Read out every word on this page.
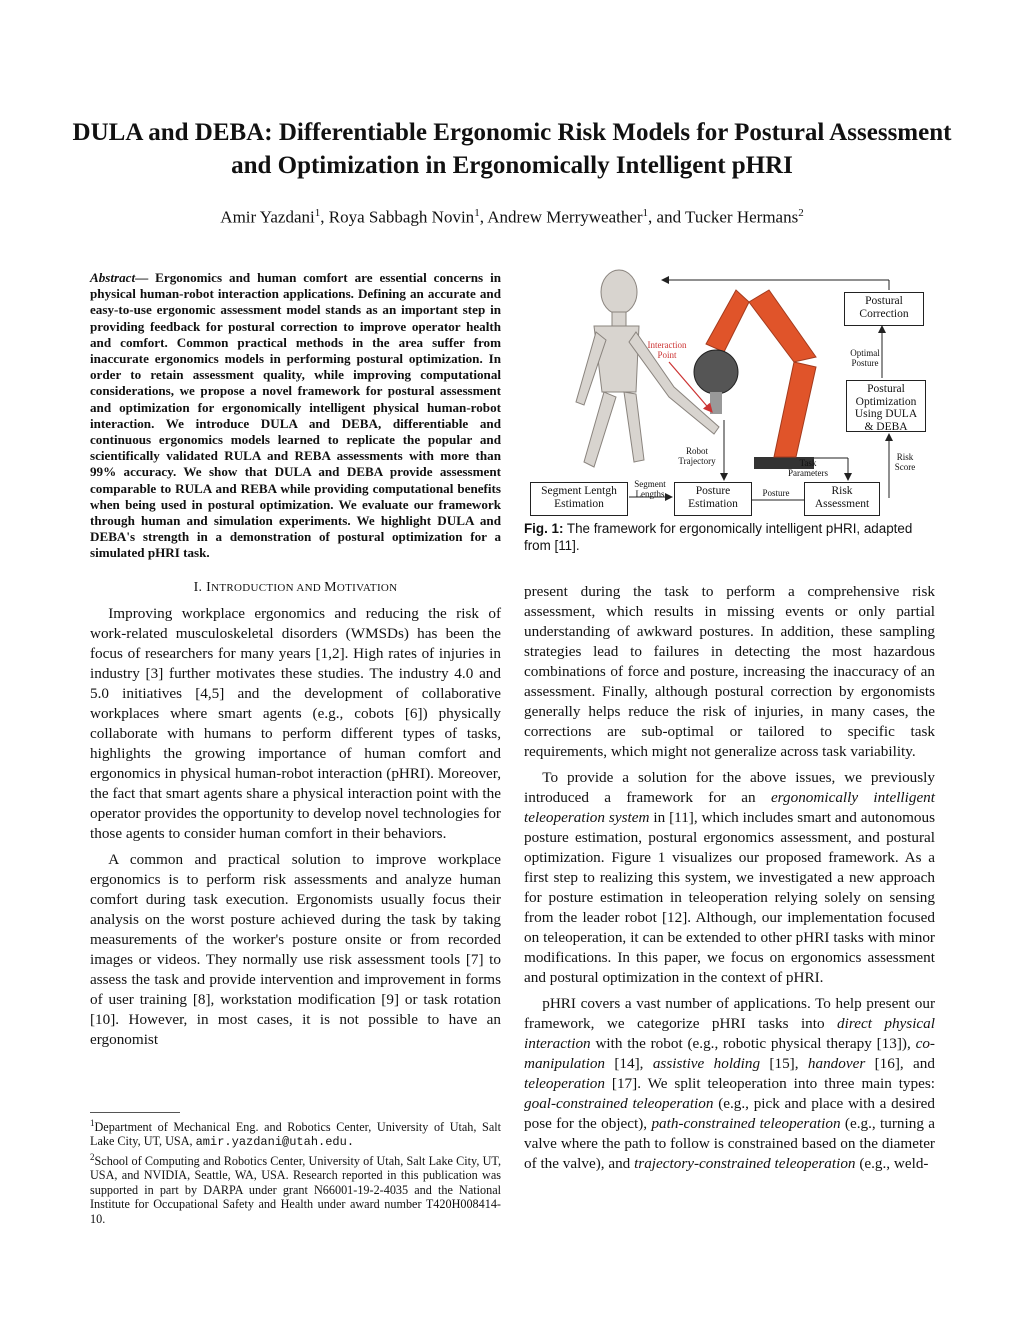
DULA and DEBA: Differentiable Ergonomic Risk Models for Postural Assessment and Optimization in Ergonomically Intelligent pHRI
Amir Yazdani$^1$, Roya Sabbagh Novin$^1$, Andrew Merryweather$^1$, and Tucker Hermans$^2$
Abstract— Ergonomics and human comfort are essential concerns in physical human-robot interaction applications. Defining an accurate and easy-to-use ergonomic assessment model stands as an important step in providing feedback for postural correction to improve operator health and comfort. Common practical methods in the area suffer from inaccurate ergonomics models in performing postural optimization. In order to retain assessment quality, while improving computational considerations, we propose a novel framework for postural assessment and optimization for ergonomically intelligent physical human-robot interaction. We introduce DULA and DEBA, differentiable and continuous ergonomics models learned to replicate the popular and scientifically validated RULA and REBA assessments with more than 99% accuracy. We show that DULA and DEBA provide assessment comparable to RULA and REBA while providing computational benefits when being used in postural optimization. We evaluate our framework through human and simulation experiments. We highlight DULA and DEBA's strength in a demonstration of postural optimization for a simulated pHRI task.
I. INTRODUCTION AND MOTIVATION

Improving workplace ergonomics and reducing the risk of work-related musculoskeletal disorders (WMSDs) has been the focus of researchers for many years [1,2]. High rates of injuries in industry [3] further motivates these studies. The industry 4.0 and 5.0 initiatives [4,5] and the development of collaborative workplaces where smart agents (e.g., cobots [6]) physically collaborate with humans to perform different types of tasks, highlights the growing importance of human comfort and ergonomics in physical human-robot interaction (pHRI). Moreover, the fact that smart agents share a physical interaction point with the operator provides the opportunity to develop novel technologies for those agents to consider human comfort in their behaviors.

A common and practical solution to improve workplace ergonomics is to perform risk assessments and analyze human comfort during task execution. Ergonomists usually focus their analysis on the worst posture achieved during the task by taking measurements of the worker's posture onsite or from recorded images or videos. They normally use risk assessment tools [7] to assess the task and provide intervention and improvement in forms of user training [8], workstation modification [9] or task rotation [10]. However, in most cases, it is not possible to have an ergonomist

$^1$Department of Mechanical Eng. and Robotics Center, University of Utah, Salt Lake City, UT, USA, amir.yazdani@utah.edu.
$^2$School of Computing and Robotics Center, University of Utah, Salt Lake City, UT, USA, and NVIDIA, Seattle, WA, USA. Research reported in this publication was supported in part by DARPA under grant N66001-19-2-4035 and the National Institute for Occupational Safety and Health under award number T420H008414-10.
Postural Correction
Optimal Posture
Postural Optimization Using DULA & DEBA
Interaction Point
Robot Trajectory	Task Parameters
Risk Score
Segment Lentgh Estimation
Segment Lengths	Posture Estimation
Posture	Risk Assessment
Fig. 1: The framework for ergonomically intelligent pHRI, adapted from [11].

present during the task to perform a comprehensive risk assessment, which results in missing events or only partial understanding of awkward postures. In addition, these sampling strategies lead to failures in detecting the most hazardous combinations of force and posture, increasing the inaccuracy of an assessment. Finally, although postural correction by ergonomists generally helps reduce the risk of injuries, in many cases, the corrections are sub-optimal or tailored to specific task requirements, which might not generalize across task variability.

To provide a solution for the above issues, we previously introduced a framework for an ergonomically intelligent teleoperation system in [11], which includes smart and autonomous posture estimation, postural ergonomics assessment, and postural optimization. Figure 1 visualizes our proposed framework. As a first step to realizing this system, we investigated a new approach for posture estimation in teleoperation relying solely on sensing from the leader robot [12]. Although, our implementation focused on teleoperation, it can be extended to other pHRI tasks with minor modifications. In this paper, we focus on ergonomics assessment and postural optimization in the context of pHRI.

pHRI covers a vast number of applications. To help present our framework, we categorize pHRI tasks into direct physical interaction with the robot (e.g., robotic physical therapy [13]), co-manipulation [14], assistive holding [15], handover [16], and teleoperation [17]. We split teleoperation into three main types: goal-constrained teleoperation (e.g., pick and place with a desired pose for the object), path-constrained teleoperation (e.g., turning a valve where the path to follow is constrained based on the diameter of the valve), and trajectory-constrained teleoperation (e.g., weld-
